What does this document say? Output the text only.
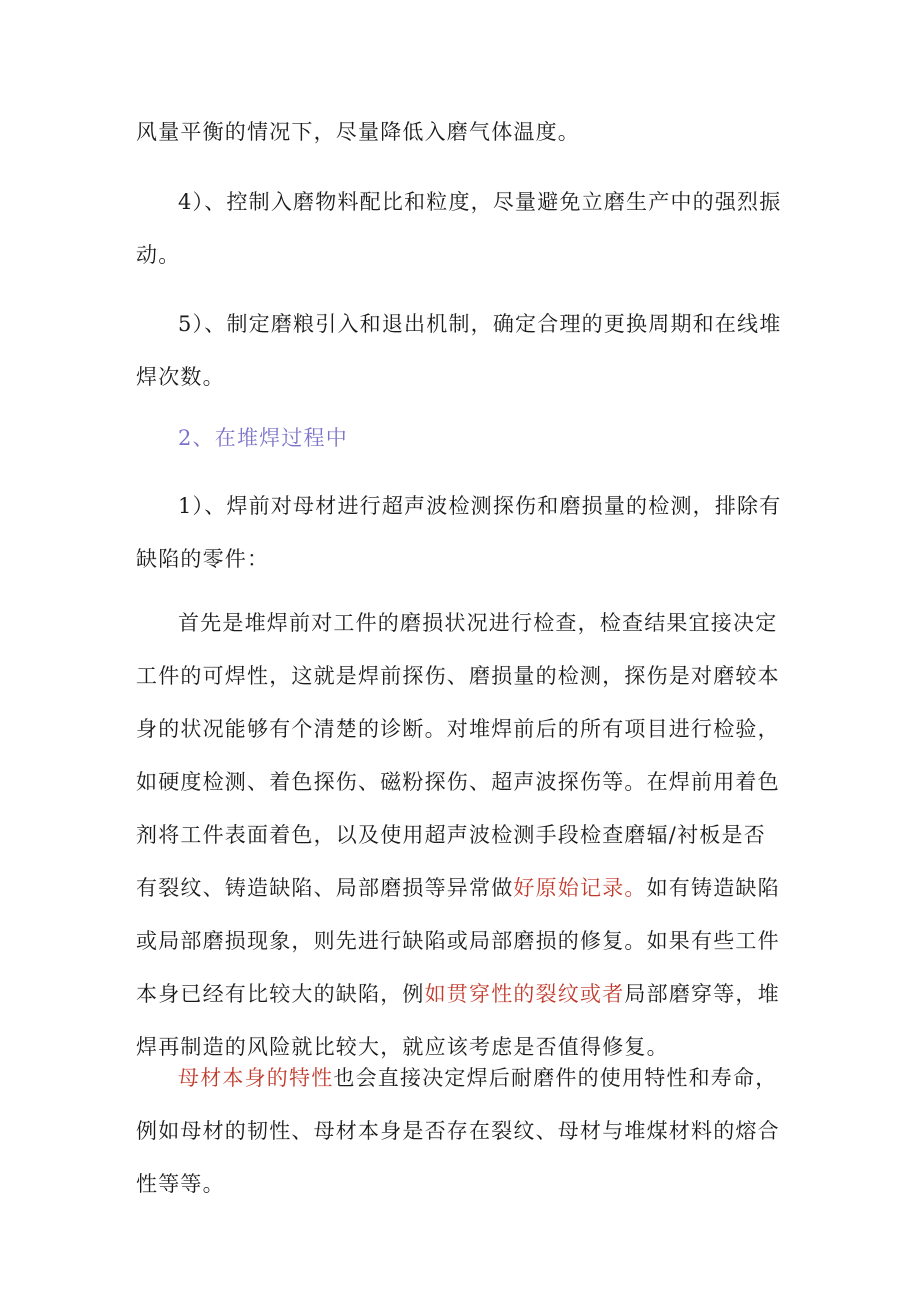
风量平衡的情况下，尽量降低入磨气体温度。

4）、控制入磨物料配比和粒度，尽量避免立磨生产中的强烈振动。

5）、制定磨粮引入和退出机制，确定合理的更换周期和在线堆焊次数。

2、在堆焊过程中

1）、焊前对母材进行超声波检测探伤和磨损量的检测，排除有缺陷的零件：

首先是堆焊前对工件的磨损状况进行检查，检查结果宜接决定工件的可焊性，这就是焊前探伤、磨损量的检测，探伤是对磨较本身的状况能够有个清楚的诊断。对堆焊前后的所有项目进行检验，如硬度检测、着色探伤、磁粉探伤、超声波探伤等。在焊前用着色剂将工件表面着色，以及使用超声波检测手段检查磨辐/衬板是否有裂纹、铸造缺陷、局部磨损等异常做好原始记录。如有铸造缺陷或局部磨损现象，则先进行缺陷或局部磨损的修复。如果有些工件本身已经有比较大的缺陷，例如贯穿性的裂纹或者局部磨穿等，堆焊再制造的风险就比较大，就应该考虑是否值得修复。

母材本身的特性也会直接决定焊后耐磨件的使用特性和寿命，例如母材的韧性、母材本身是否存在裂纹、母材与堆煤材料的熔合性等等。
